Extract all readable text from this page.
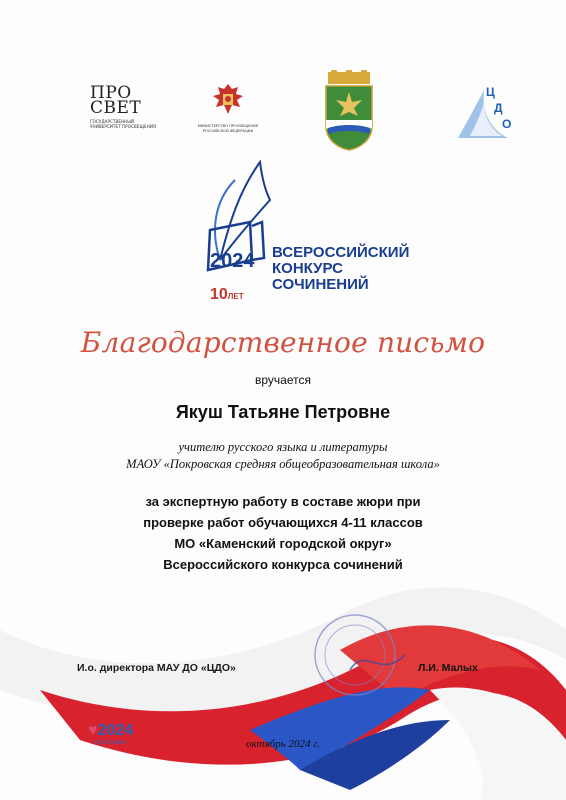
ПРО
СВЕТ
ГОСУДАРСТВЕННЫЙ УНИВЕРСИТЕТ ПРОСВЕЩЕНИЯ	МИНИСТЕРСТВО ПРОСВЕЩЕНИЯ РОССИЙСКОЙ ФЕДЕРАЦИИ
Ц
Д
О
2024 ВСЕРОССИЙСКИЙ
КОНКУРС
СОЧИНЕНИЙ
10ЛЕТ
Благодарственное письмо
вручается
Якуш Татьяне Петровне
учителю русского языка и литературы
МАОУ «Покровская средняя общеобразовательная школа»
за экспертную работу в составе жюри при
проверке работ обучающихся 4-11 классов
МО «Каменский городской округ»
Всероссийского конкурса сочинений
И.о. директора МАУ ДО «ЦДО»	Л.И. Малых
♥2024
ГОД СЕМЬИ	октябрь 2024 г.
